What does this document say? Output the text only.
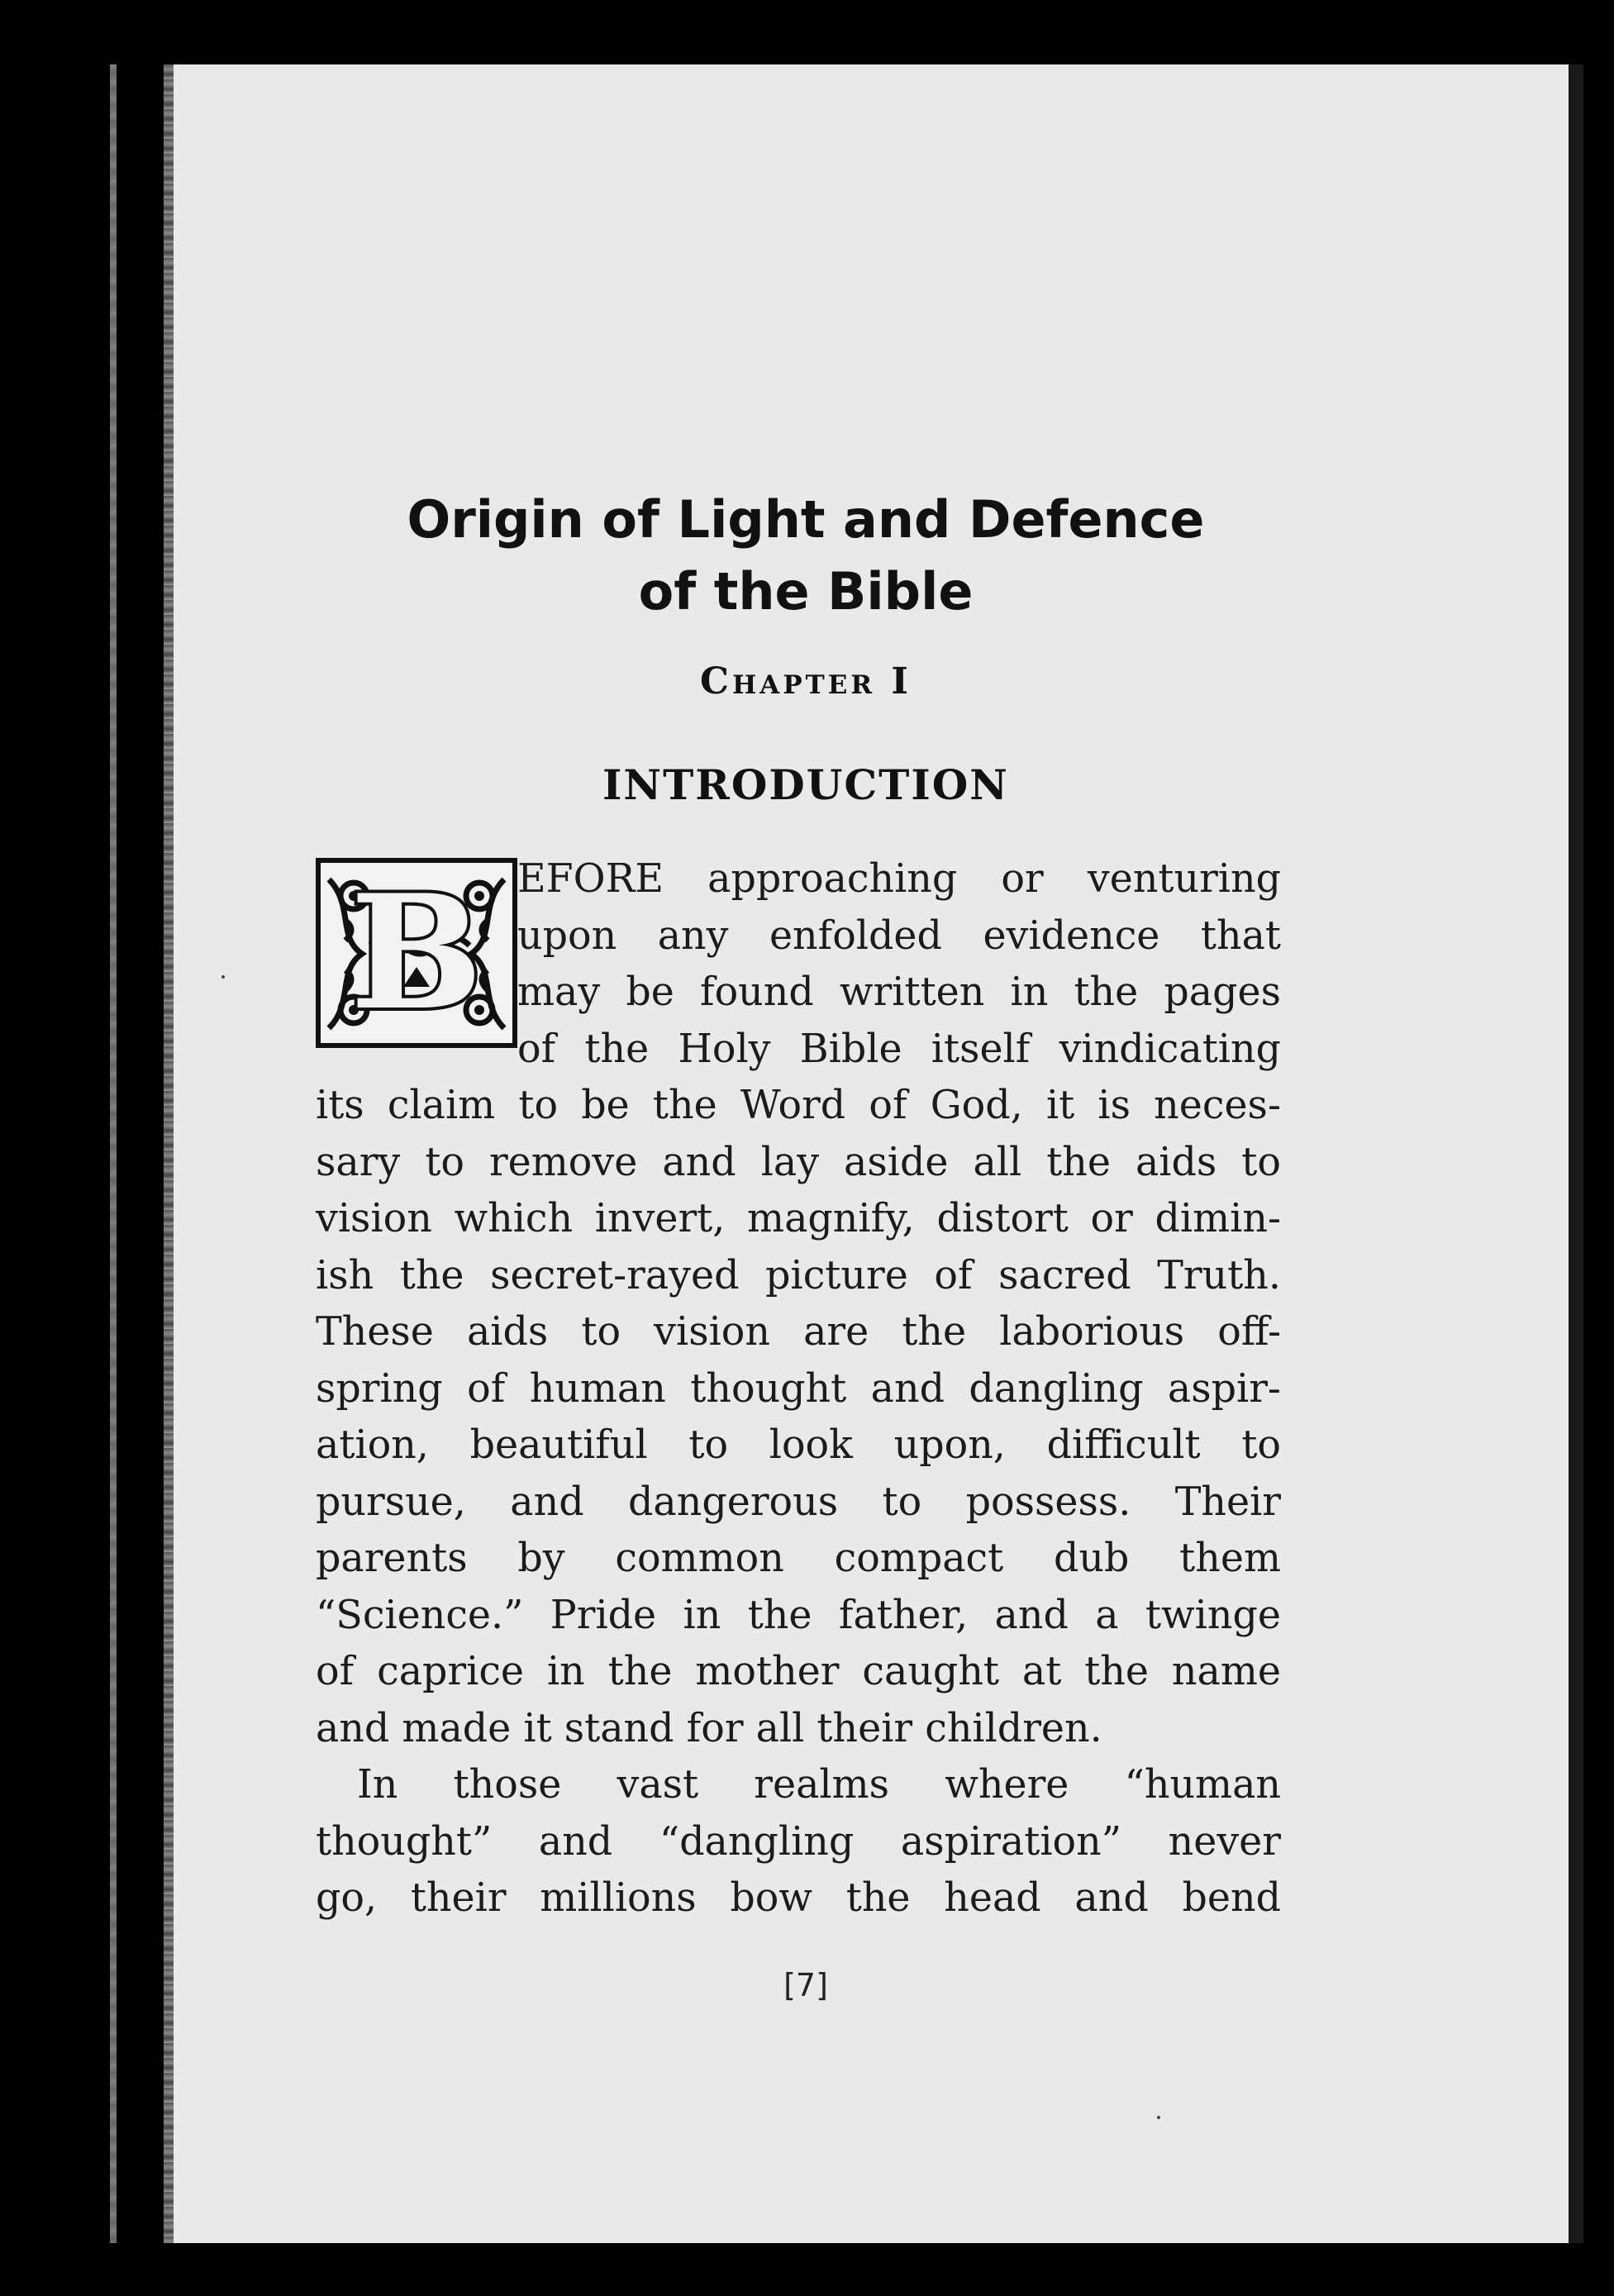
Origin of Light and Defence
of the Bible
Chapter I
INTRODUCTION
B EFORE approaching or venturing
upon any enfolded evidence that
may be found written in the pages
of the Holy Bible itself vindicating
its claim to be the Word of God, it is neces-
sary to remove and lay aside all the aids to
vision which invert, magnify, distort or dimin-
ish the secret-rayed picture of sacred Truth.
These aids to vision are the laborious off-
spring of human thought and dangling aspir-
ation, beautiful to look upon, difficult to
pursue, and dangerous to possess. Their
parents by common compact dub them
“Science.” Pride in the father, and a twinge
of caprice in the mother caught at the name
and made it stand for all their children.

In those vast realms where “human
thought” and “dangling aspiration” never
go, their millions bow the head and bend

[7]
